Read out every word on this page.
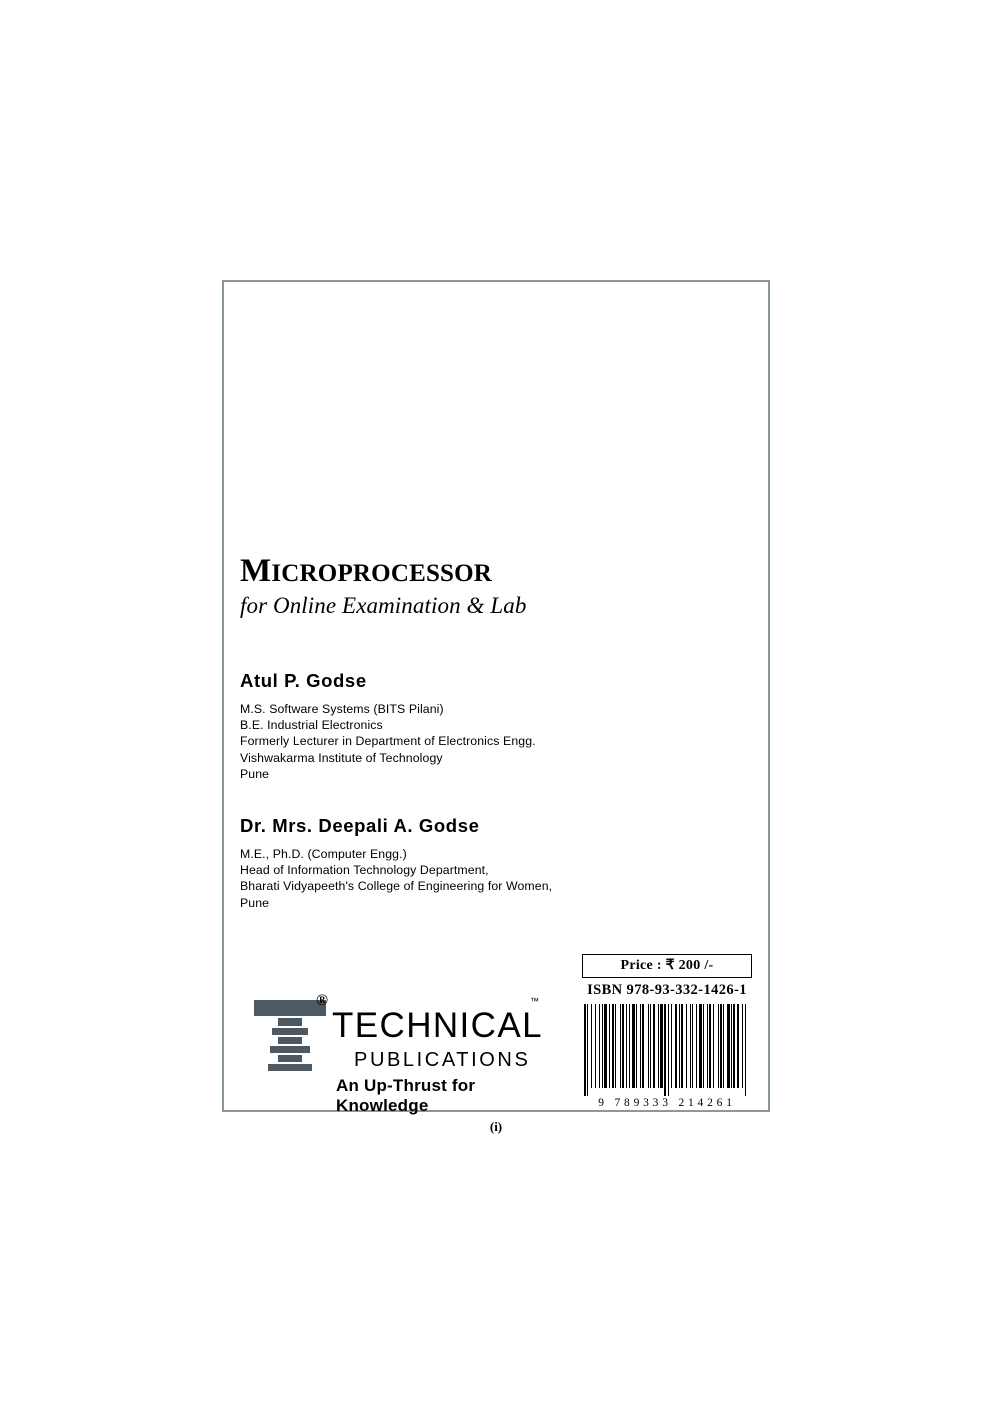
MICROPROCESSOR
for Online Examination & Lab
Atul P. Godse
M.S. Software Systems (BITS Pilani)
B.E. Industrial Electronics
Formerly Lecturer in Department of Electronics Engg.
Vishwakarma Institute of Technology
Pune
Dr. Mrs. Deepali A. Godse
M.E., Ph.D. (Computer Engg.)
Head of Information Technology Department,
Bharati Vidyapeeth's College of Engineering for Women,
Pune
®
TECHNICAL
™
PUBLICATIONS
An Up-Thrust for Knowledge
Price : ₹ 200 /-
ISBN 978-93-332-1426-1
9 789333 214261
(i)
